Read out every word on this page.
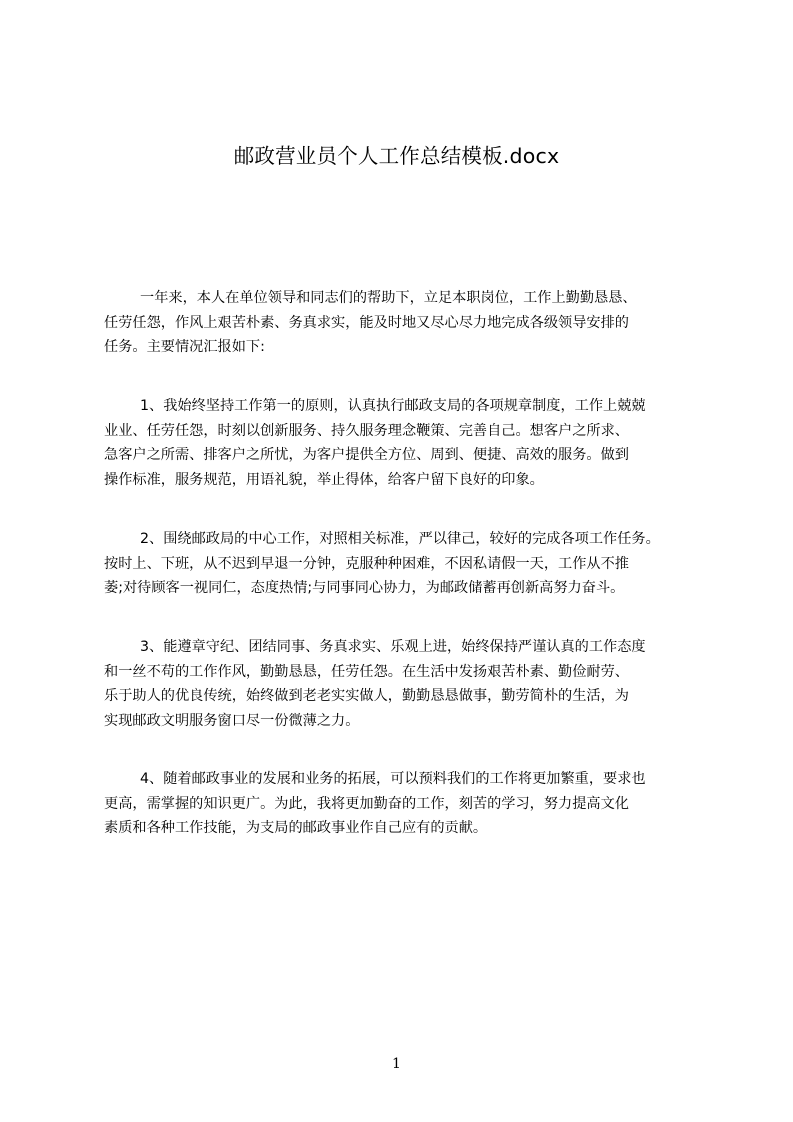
邮政营业员个人工作总结模板.docx
一年来，本人在单位领导和同志们的帮助下，立足本职岗位，工作上勤勤恳恳、
任劳任怨，作风上艰苦朴素、务真求实，能及时地又尽心尽力地完成各级领导安排的
任务。主要情况汇报如下:
1、我始终坚持工作第一的原则，认真执行邮政支局的各项规章制度，工作上兢兢
业业、任劳任怨，时刻以创新服务、持久服务理念鞭策、完善自己。想客户之所求、
急客户之所需、排客户之所忧，为客户提供全方位、周到、便捷、高效的服务。做到
操作标准，服务规范，用语礼貌，举止得体，给客户留下良好的印象。
2、围绕邮政局的中心工作，对照相关标准，严以律己，较好的完成各项工作任务。
按时上、下班，从不迟到早退一分钟，克服种种困难，不因私请假一天，工作从不推
萎;对待顾客一视同仁，态度热情;与同事同心协力，为邮政储蓄再创新高努力奋斗。
3、能遵章守纪、团结同事、务真求实、乐观上进，始终保持严谨认真的工作态度
和一丝不苟的工作作风，勤勤恳恳，任劳任怨。在生活中发扬艰苦朴素、勤俭耐劳、
乐于助人的优良传统，始终做到老老实实做人，勤勤恳恳做事，勤劳简朴的生活，为
实现邮政文明服务窗口尽一份微薄之力。
4、随着邮政事业的发展和业务的拓展，可以预料我们的工作将更加繁重，要求也
更高，需掌握的知识更广。为此，我将更加勤奋的工作，刻苦的学习，努力提高文化
素质和各种工作技能，为支局的邮政事业作自己应有的贡献。
1
